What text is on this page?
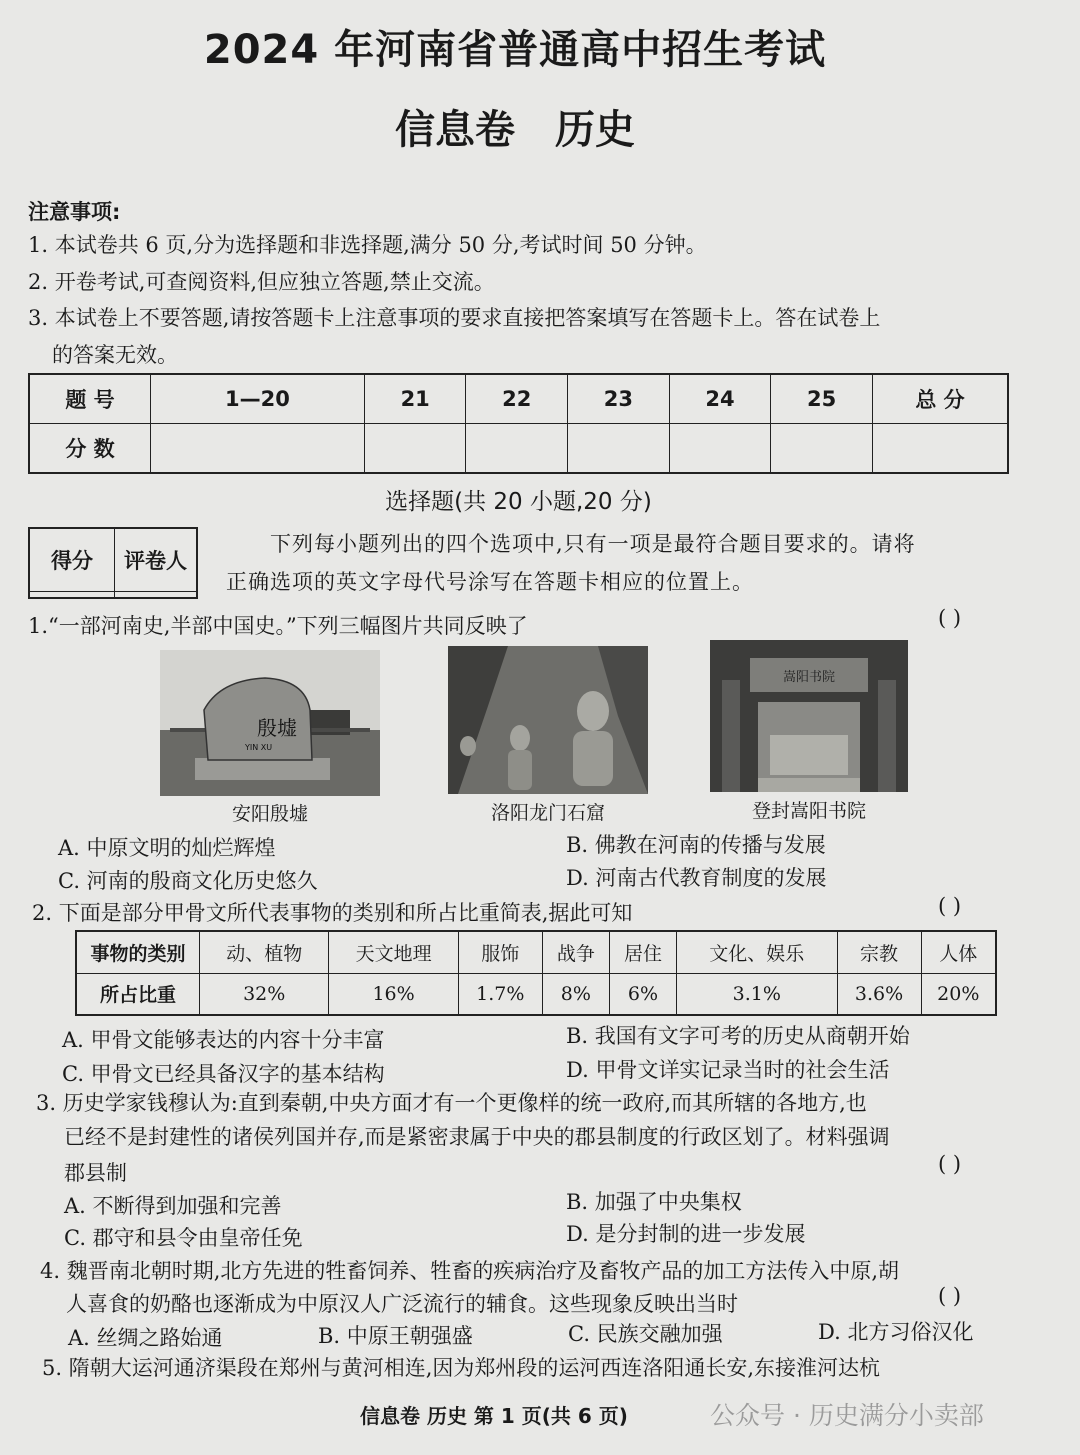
2024 年河南省普通高中招生考试
信息卷 历史
注意事项:
1. 本试卷共 6 页,分为选择题和非选择题,满分 50 分,考试时间 50 分钟。
2. 开卷考试,可查阅资料,但应独立答题,禁止交流。
3. 本试卷上不要答题,请按答题卡上注意事项的要求直接把答案填写在答题卡上。答在试卷上
的答案无效。
题 号	1—20	21	22	23	24	25	总 分
分 数							
选择题(共 20 小题,20 分)
得分	评卷人

下列每小题列出的四个选项中,只有一项是最符合题目要求的。请将
正确选项的英文字母代号涂写在答题卡相应的位置上。
1.“一部河南史,半部中国史。”下列三幅图片共同反映了	( )
殷墟
YIN XU
安阳殷墟	洛阳龙门石窟
嵩阳书院
登封嵩阳书院
A. 中原文明的灿烂辉煌	B. 佛教在河南的传播与发展
C. 河南的殷商文化历史悠久	D. 河南古代教育制度的发展
2. 下面是部分甲骨文所代表事物的类别和所占比重简表,据此可知	( )
事物的类别	动、植物	天文地理	服饰	战争	居住	文化、娱乐	宗教	人体
所占比重	32%	16%	1.7%	8%	6%	3.1%	3.6%	20%
A. 甲骨文能够表达的内容十分丰富	B. 我国有文字可考的历史从商朝开始
C. 甲骨文已经具备汉字的基本结构	D. 甲骨文详实记录当时的社会生活
3. 历史学家钱穆认为:直到秦朝,中央方面才有一个更像样的统一政府,而其所辖的各地方,也
已经不是封建性的诸侯列国并存,而是紧密隶属于中央的郡县制度的行政区划了。材料强调
郡县制	( )
A. 不断得到加强和完善	B. 加强了中央集权
C. 郡守和县令由皇帝任免	D. 是分封制的进一步发展
4. 魏晋南北朝时期,北方先进的牲畜饲养、牲畜的疾病治疗及畜牧产品的加工方法传入中原,胡
人喜食的奶酪也逐渐成为中原汉人广泛流行的辅食。这些现象反映出当时	( )
A. 丝绸之路始通	B. 中原王朝强盛	C. 民族交融加强	D. 北方习俗汉化
5. 隋朝大运河通济渠段在郑州与黄河相连,因为郑州段的运河西连洛阳通长安,东接淮河达杭
信息卷 历史 第 1 页(共 6 页)	公众号 · 历史满分小卖部
